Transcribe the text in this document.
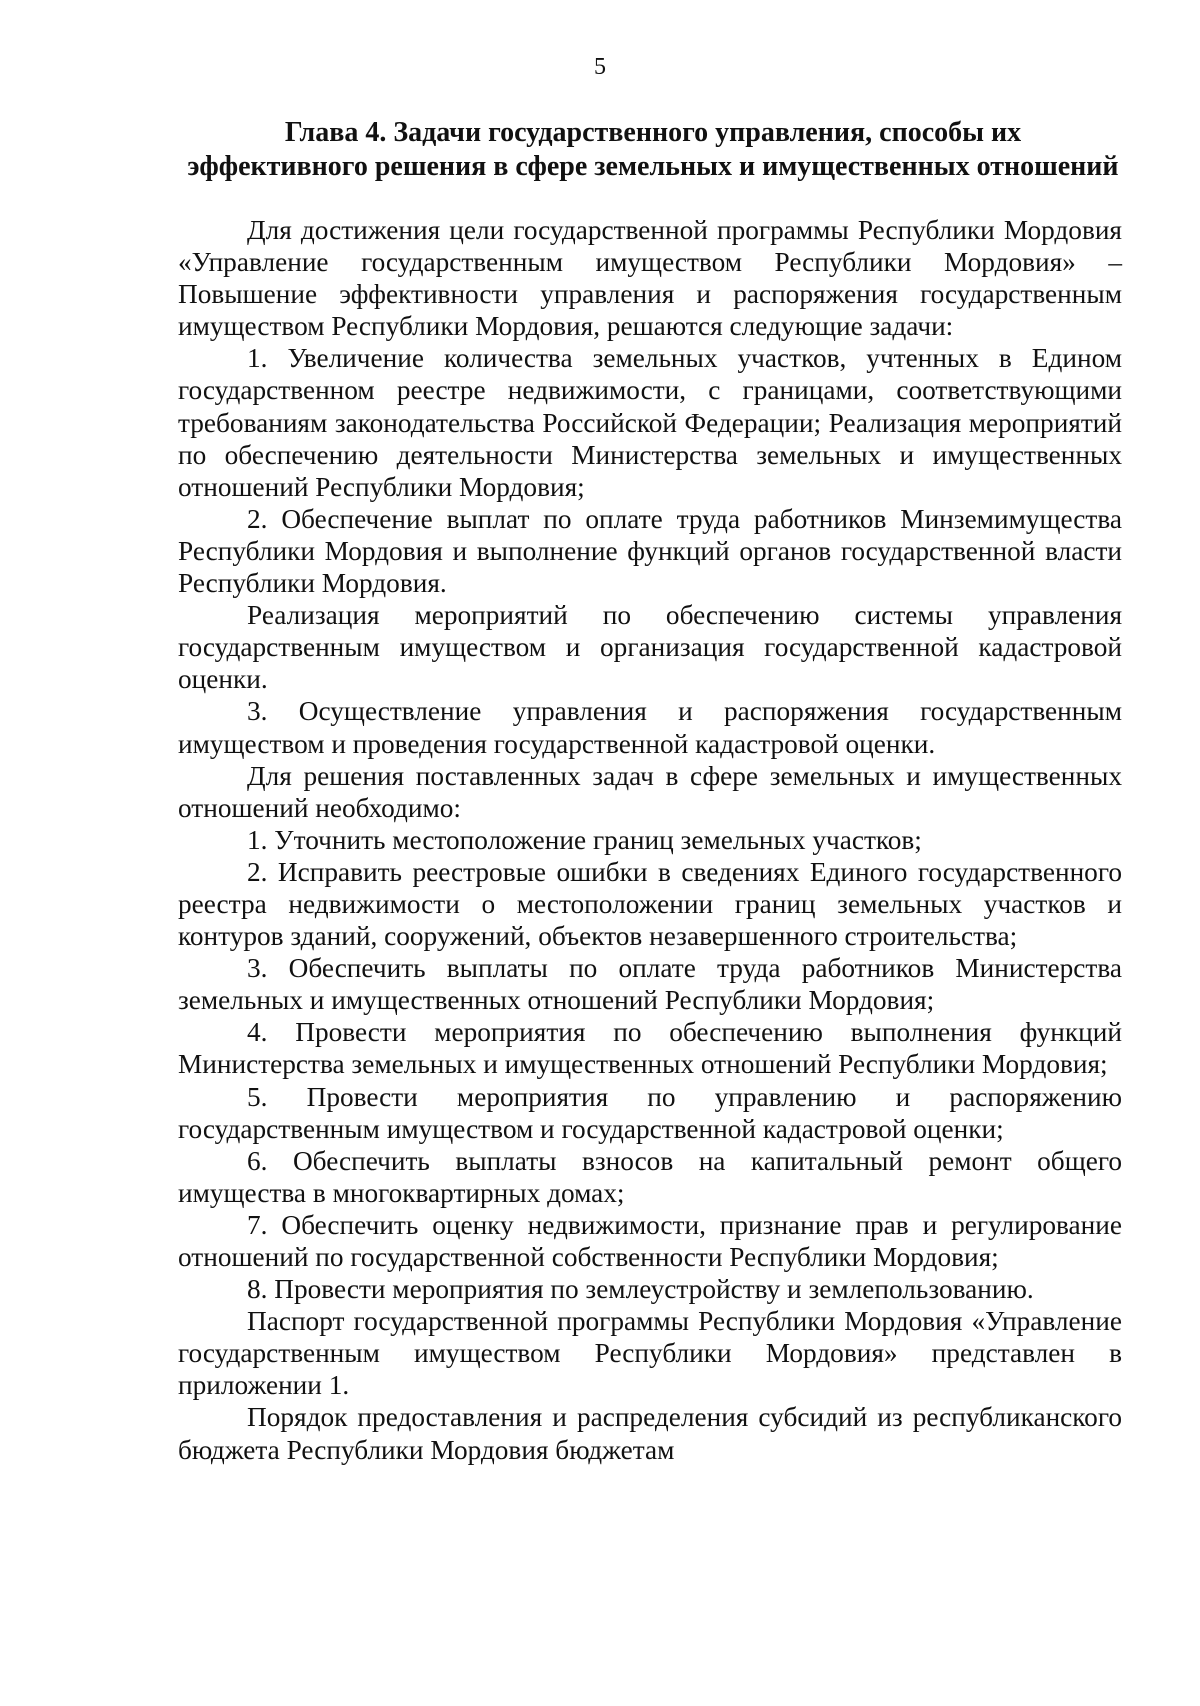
5
Глава 4. Задачи государственного управления, способы их
эффективного решения в сфере земельных и имущественных отношений

Для достижения цели государственной программы Республики Мордовия «Управление государственным имуществом Республики Мордовия» – Повышение эффективности управления и распоряжения государственным имуществом Республики Мордовия, решаются следующие задачи:

1. Увеличение количества земельных участков, учтенных в Едином государственном реестре недвижимости, с границами, соответствующими требованиям законодательства Российской Федерации; Реализация мероприятий по обеспечению деятельности Министерства земельных и имущественных отношений Республики Мордовия;

2. Обеспечение выплат по оплате труда работников Минземимущества Республики Мордовия и выполнение функций органов государственной власти Республики Мордовия.

Реализация мероприятий по обеспечению системы управления государственным имуществом и организация государственной кадастровой оценки.

3. Осуществление управления и распоряжения государственным имуществом и проведения государственной кадастровой оценки.

Для решения поставленных задач в сфере земельных и имущественных отношений необходимо:

1. Уточнить местоположение границ земельных участков;

2. Исправить реестровые ошибки в сведениях Единого государственного реестра недвижимости о местоположении границ земельных участков и контуров зданий, сооружений, объектов незавершенного строительства;

3. Обеспечить выплаты по оплате труда работников Министерства земельных и имущественных отношений Республики Мордовия;

4. Провести мероприятия по обеспечению выполнения функций Министерства земельных и имущественных отношений Республики Мордовия;

5. Провести мероприятия по управлению и распоряжению государственным имуществом и государственной кадастровой оценки;

6. Обеспечить выплаты взносов на капитальный ремонт общего имущества в многоквартирных домах;

7. Обеспечить оценку недвижимости, признание прав и регулирование отношений по государственной собственности Республики Мордовия;

8. Провести мероприятия по землеустройству и землепользованию.

Паспорт государственной программы Республики Мордовия «Управление государственным имуществом Республики Мордовия» представлен в приложении 1.

Порядок предоставления и распределения субсидий из республиканского бюджета Республики Мордовия бюджетам
